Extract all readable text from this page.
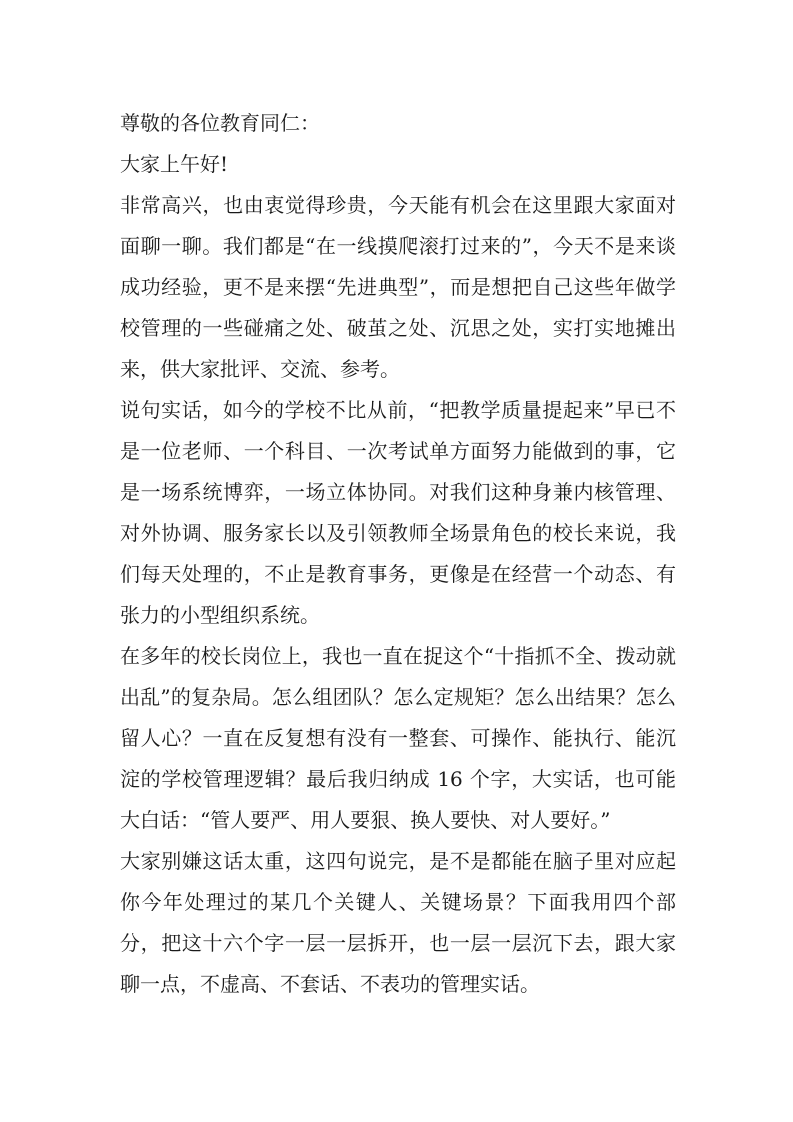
尊敬的各位教育同仁：

大家上午好!

非常高兴，也由衷觉得珍贵，今天能有机会在这里跟大家面对面聊一聊。我们都是“在一线摸爬滚打过来的”，今天不是来谈成功经验，更不是来摆“先进典型”，而是想把自己这些年做学校管理的一些碰痛之处、破茧之处、沉思之处，实打实地摊出来，供大家批评、交流、参考。

说句实话，如今的学校不比从前，“把教学质量提起来”早已不是一位老师、一个科目、一次考试单方面努力能做到的事，它是一场系统博弈，一场立体协同。对我们这种身兼内核管理、对外协调、服务家长以及引领教师全场景角色的校长来说，我们每天处理的，不止是教育事务，更像是在经营一个动态、有张力的小型组织系统。

在多年的校长岗位上，我也一直在捉这个“十指抓不全、拨动就出乱”的复杂局。怎么组团队？怎么定规矩？怎么出结果？怎么留人心？一直在反复想有没有一整套、可操作、能执行、能沉淀的学校管理逻辑？最后我归纳成 16 个字，大实话，也可能大白话：“管人要严、用人要狠、换人要快、对人要好。”

大家别嫌这话太重，这四句说完，是不是都能在脑子里对应起你今年处理过的某几个关键人、关键场景？下面我用四个部分，把这十六个字一层一层拆开，也一层一层沉下去，跟大家聊一点，不虚高、不套话、不表功的管理实话。
